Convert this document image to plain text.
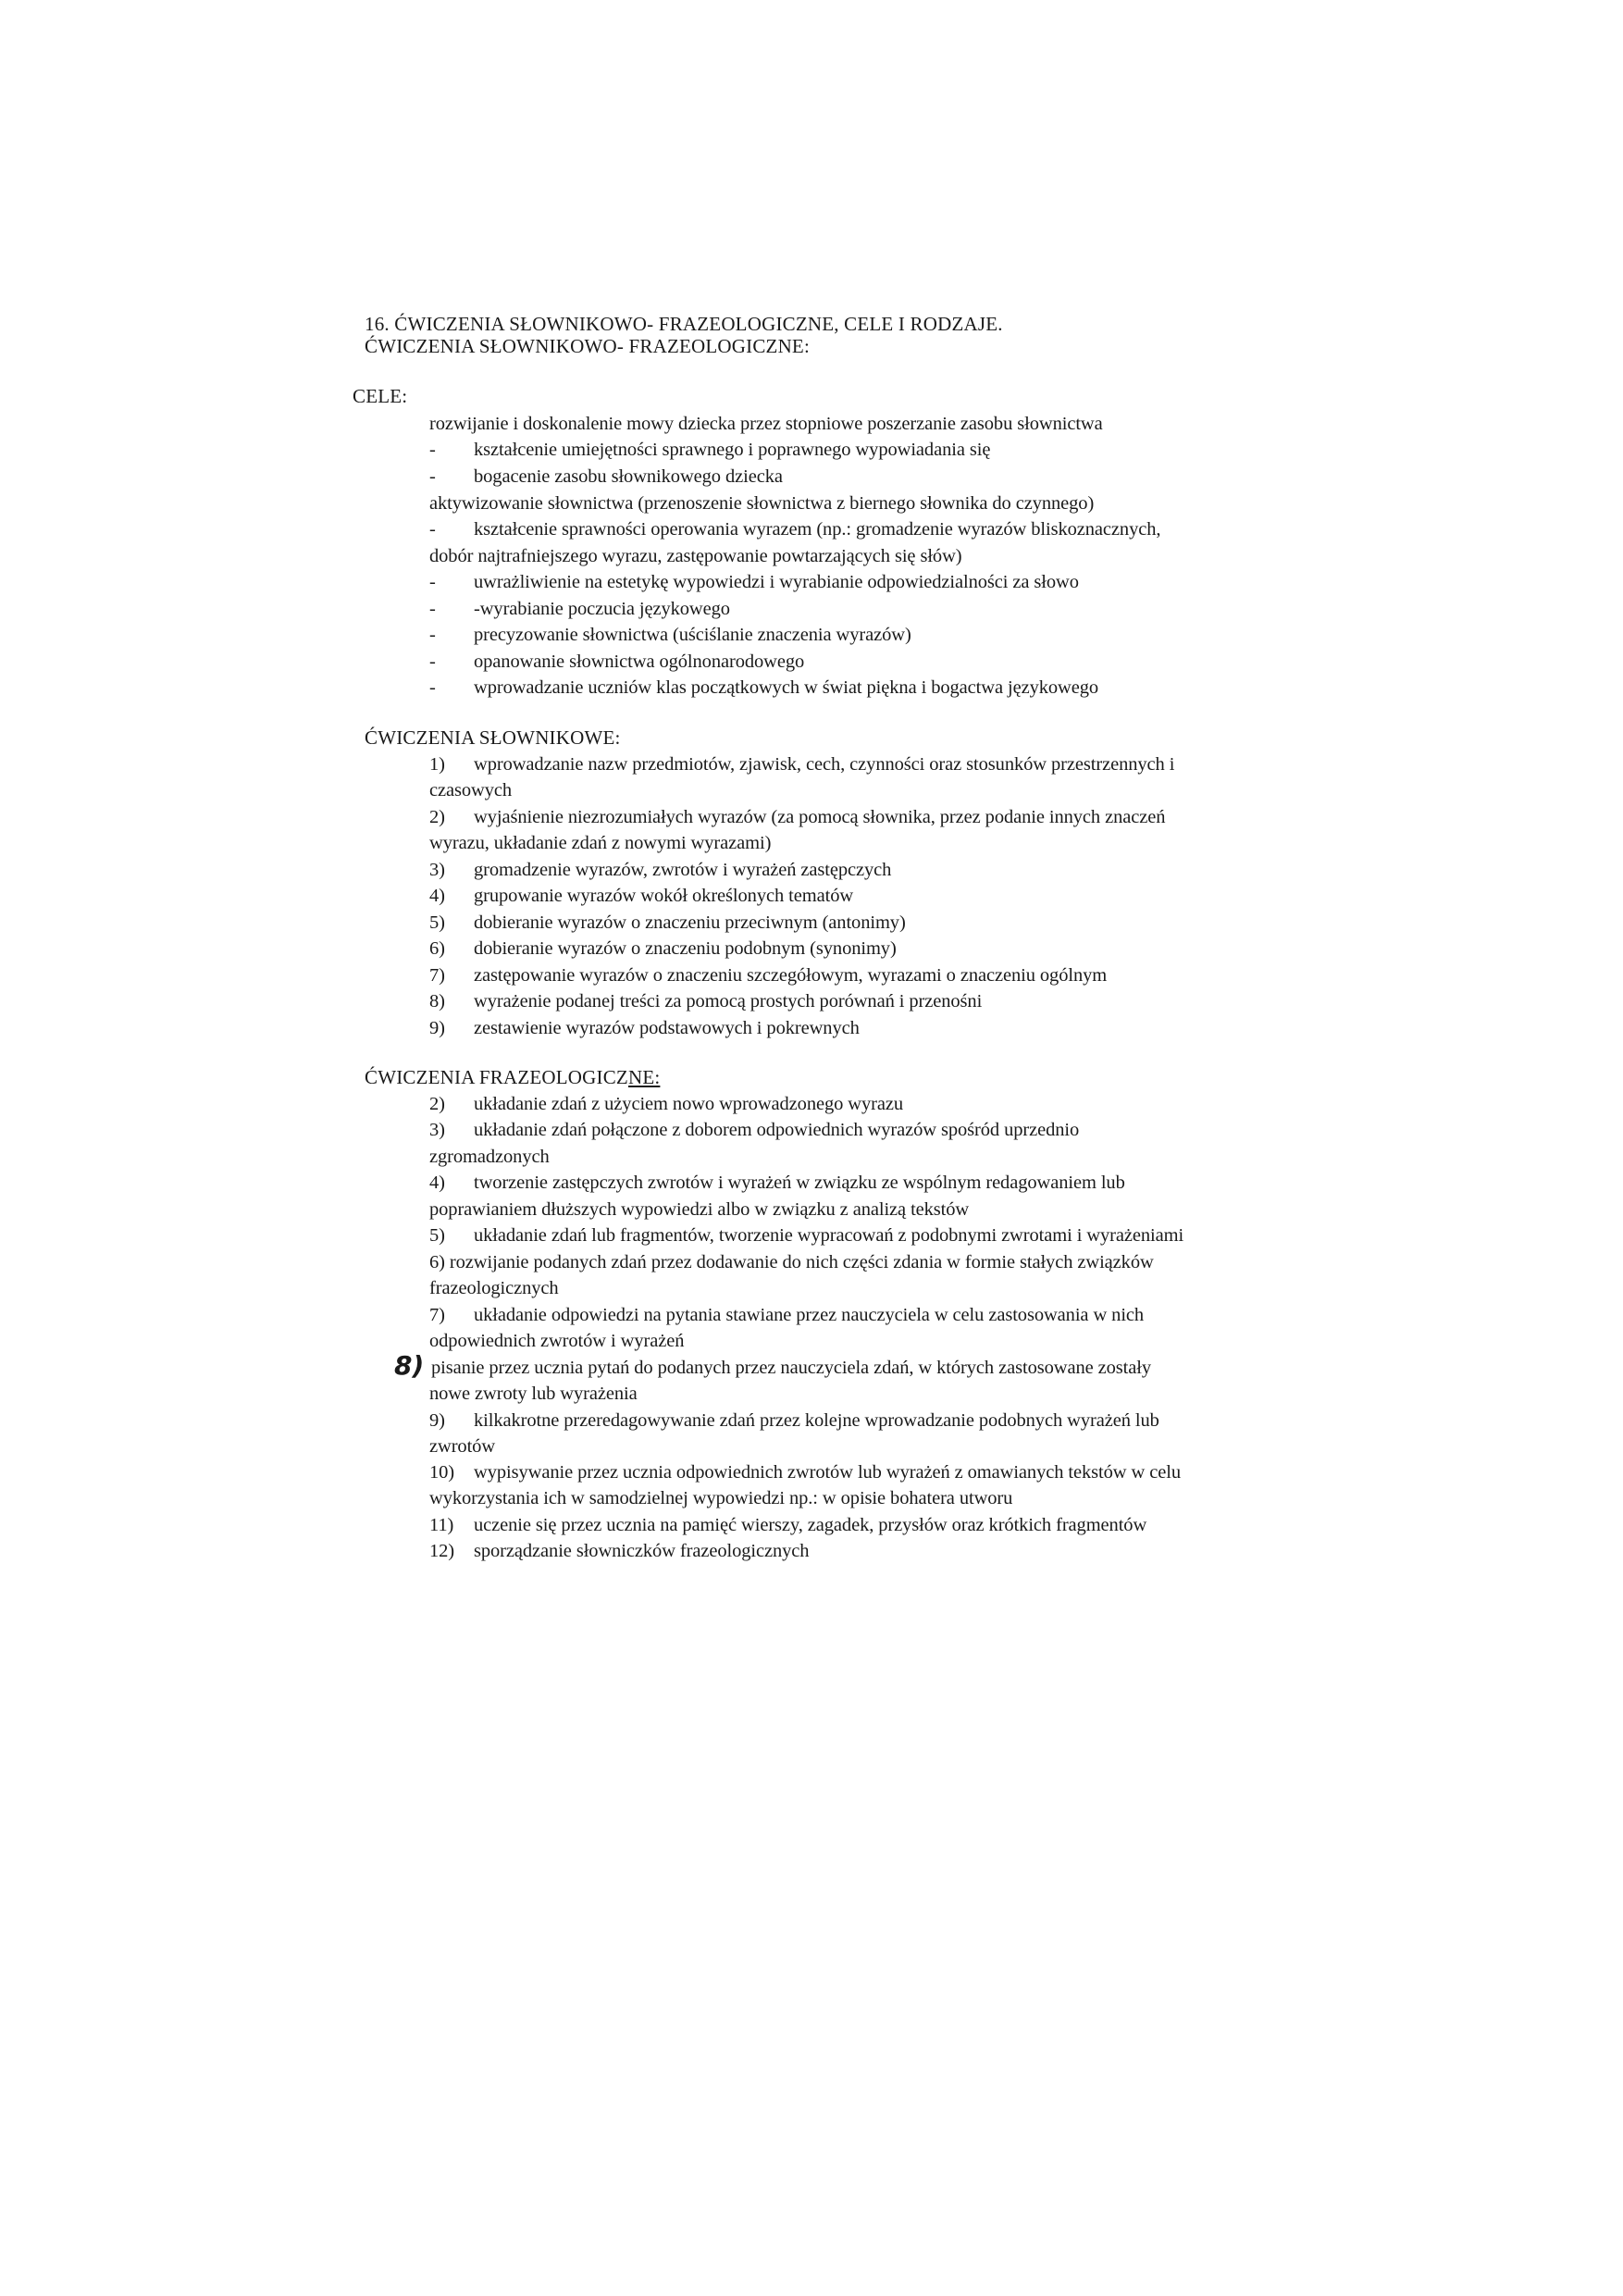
16. ĆWICZENIA SŁOWNIKOWO- FRAZEOLOGICZNE, CELE I RODZAJE.
ĆWICZENIA SŁOWNIKOWO- FRAZEOLOGICZNE:
CELE:
rozwijanie i doskonalenie mowy dziecka przez stopniowe poszerzanie zasobu słownictwa
- kształcenie umiejętności sprawnego i poprawnego wypowiadania się
- bogacenie zasobu słownikowego dziecka
aktywizowanie słownictwa (przenoszenie słownictwa z biernego słownika do czynnego)
- kształcenie sprawności operowania wyrazem (np.: gromadzenie wyrazów bliskoznacznych,
dobór najtrafniejszego wyrazu, zastępowanie powtarzających się słów)
- uwrażliwienie na estetykę wypowiedzi i wyrabianie odpowiedzialności za słowo
- -wyrabianie poczucia językowego
- precyzowanie słownictwa (uściślanie znaczenia wyrazów)
- opanowanie słownictwa ogólnonarodowego
- wprowadzanie uczniów klas początkowych w świat piękna i bogactwa językowego
ĆWICZENIA SŁOWNIKOWE:
1) wprowadzanie nazw przedmiotów, zjawisk, cech, czynności oraz stosunków przestrzennych i
czasowych
2) wyjaśnienie niezrozumiałych wyrazów (za pomocą słownika, przez podanie innych znaczeń
wyrazu, układanie zdań z nowymi wyrazami)
3) gromadzenie wyrazów, zwrotów i wyrażeń zastępczych
4) grupowanie wyrazów wokół określonych tematów
5) dobieranie wyrazów o znaczeniu przeciwnym (antonimy)
6) dobieranie wyrazów o znaczeniu podobnym (synonimy)
7) zastępowanie wyrazów o znaczeniu szczegółowym, wyrazami o znaczeniu ogólnym
8) wyrażenie podanej treści za pomocą prostych porównań i przenośni
9) zestawienie wyrazów podstawowych i pokrewnych
ĆWICZENIA FRAZEOLOGICZNE:
2) układanie zdań z użyciem nowo wprowadzonego wyrazu
3) układanie zdań połączone z doborem odpowiednich wyrazów spośród uprzednio
zgromadzonych
4) tworzenie zastępczych zwrotów i wyrażeń w związku ze wspólnym redagowaniem lub
poprawianiem dłuższych wypowiedzi albo w związku z analizą tekstów
5) układanie zdań lub fragmentów, tworzenie wypracowań z podobnymi zwrotami i wyrażeniami
6) rozwijanie podanych zdań przez dodawanie do nich części zdania w formie stałych związków
frazeologicznych
7) układanie odpowiedzi na pytania stawiane przez nauczyciela w celu zastosowania w nich
odpowiednich zwrotów i wyrażeń
8) pisanie przez ucznia pytań do podanych przez nauczyciela zdań, w których zastosowane zostały
nowe zwroty lub wyrażenia
9) kilkakrotne przeredagowywanie zdań przez kolejne wprowadzanie podobnych wyrażeń lub
zwrotów
10) wypisywanie przez ucznia odpowiednich zwrotów lub wyrażeń z omawianych tekstów w celu
wykorzystania ich w samodzielnej wypowiedzi np.: w opisie bohatera utworu
11) uczenie się przez ucznia na pamięć wierszy, zagadek, przysłów oraz krótkich fragmentów
12) sporządzanie słowniczków frazeologicznych
